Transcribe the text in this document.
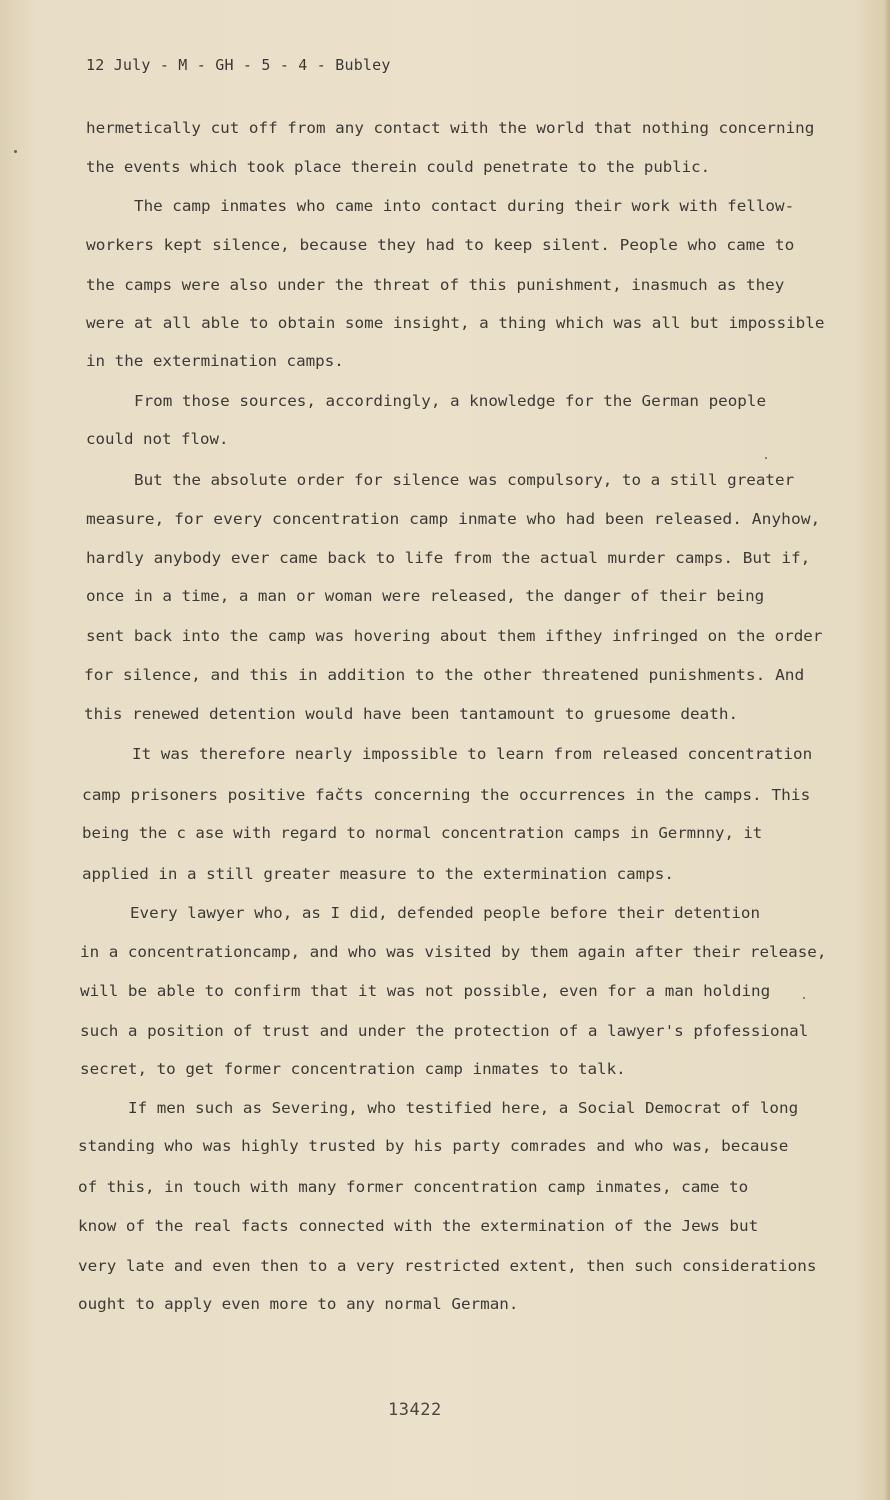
12 July - M - GH - 5 - 4 - Bubley
hermetically cut off from any contact with the world that nothing concerning
the events which took place therein could penetrate to the public.
The camp inmates who came into contact during their work with fellow-
workers kept silence, because they had to keep silent. People who came to
the camps were also under the threat of this punishment, inasmuch as they
were at all able to obtain some insight, a thing which was all but impossible
in the extermination camps.
From those sources, accordingly, a knowledge for the German people
could not flow.
But the absolute order for silence was compulsory, to a still greater
measure, for every concentration camp inmate who had been released. Anyhow,
hardly anybody ever came back to life from the actual murder camps. But if,
once in a time, a man or woman were released, the danger of their being
sent back into the camp was hovering about them ifthey infringed on the order
for silence, and this in addition to the other threatened punishments. And
this renewed detention would have been tantamount to gruesome death.
It was therefore nearly impossible to learn from released concentration
camp prisoners positive fačts concerning the occurrences in the camps. This
being the c ase with regard to normal concentration camps in Germnny, it
applied in a still greater measure to the extermination camps.
Every lawyer who, as I did, defended people before their detention
in a concentrationcamp, and who was visited by them again after their release,
will be able to confirm that it was not possible, even for a man holding
such a position of trust and under the protection of a lawyer's pfofessional
secret, to get former concentration camp inmates to talk.
If men such as Severing, who testified here, a Social Democrat of long
standing who was highly trusted by his party comrades and who was, because
of this, in touch with many former concentration camp inmates, came to
know of the real facts connected with the extermination of the Jews but
very late and even then to a very restricted extent, then such considerations
ought to apply even more to any normal German.
13422
